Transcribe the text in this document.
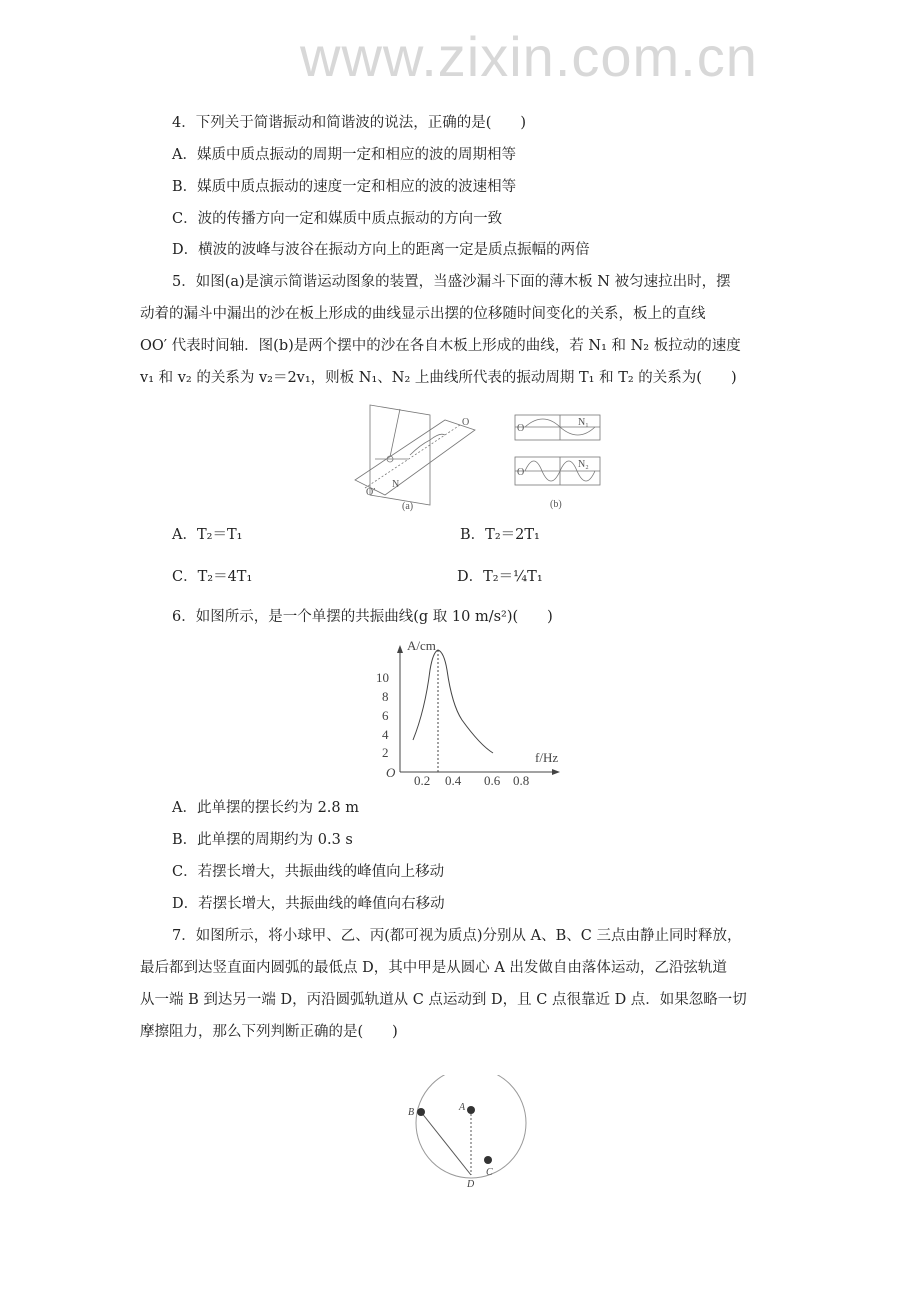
www.zixin.com.cn
4．下列关于简谐振动和简谐波的说法，正确的是(　　)
A．媒质中质点振动的周期一定和相应的波的周期相等
B．媒质中质点振动的速度一定和相应的波的波速相等
C．波的传播方向一定和媒质中质点振动的方向一致
D．横波的波峰与波谷在振动方向上的距离一定是质点振幅的两倍
5．如图(a)是演示简谐运动图象的装置，当盛沙漏斗下面的薄木板 N 被匀速拉出时，摆
动着的漏斗中漏出的沙在板上形成的曲线显示出摆的位移随时间变化的关系，板上的直线
OO′ 代表时间轴．图(b)是两个摆中的沙在各自木板上形成的曲线，若 N₁ 和 N₂ 板拉动的速度
v₁ 和 v₂ 的关系为 v₂＝2v₁，则板 N₁、N₂ 上曲线所代表的振动周期 T₁ 和 T₂ 的关系为(　　)
O
O′
N
(a)
O
N₁
O
N₂
(b)
A．T₂＝T₁	B．T₂＝2T₁
C．T₂＝4T₁	D．T₂＝¼T₁
6．如图所示，是一个单摆的共振曲线(g 取 10 m/s²)(　　)
A/cm
f/Hz
O
2
4
6
8
10
0.2 0.4 0.6 0.8
A．此单摆的摆长约为 2.8 m
B．此单摆的周期约为 0.3 s
C．若摆长增大，共振曲线的峰值向上移动
D．若摆长增大，共振曲线的峰值向右移动
7．如图所示，将小球甲、乙、丙(都可视为质点)分别从 A、B、C 三点由静止同时释放，
最后都到达竖直面内圆弧的最低点 D，其中甲是从圆心 A 出发做自由落体运动，乙沿弦轨道
从一端 B 到达另一端 D，丙沿圆弧轨道从 C 点运动到 D，且 C 点很靠近 D 点．如果忽略一切
摩擦阻力，那么下列判断正确的是(　　)
B	A
C
D
